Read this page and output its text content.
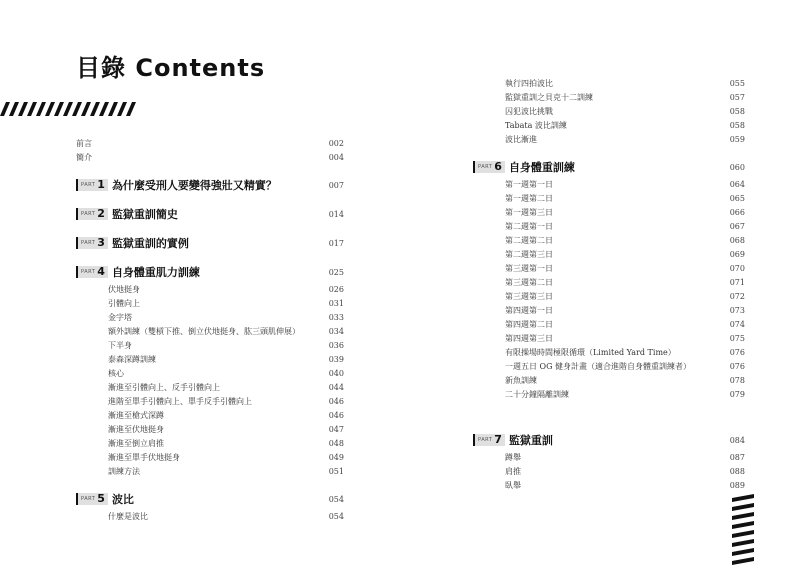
目錄 Contents
前言	002
簡介	004
PART 1 為什麼受刑人要變得強壯又精實？	007
PART 2 監獄重訓簡史	014
PART 3 監獄重訓的實例	017
PART 4 自身體重肌力訓練	025
伏地挺身	026
引體向上	031
金字塔	033
額外訓練（雙槓下推、倒立伏地挺身、肱三頭肌伸展）	034
下半身	036
泰森深蹲訓練	039
核心	040
漸進至引體向上、反手引體向上	044
進階至單手引體向上、單手反手引體向上	046
漸進至槍式深蹲	046
漸進至伏地挺身	047
漸進至倒立肩推	048
漸進至單手伏地挺身	049
訓練方法	051
PART 5 波比	054
什麼是波比	054
執行四拍波比	055
監獄重訓之貝克十二訓練	057
囚犯波比挑戰	058
Tabata 波比訓練	058
波比漸進	059
PART 6 自身體重訓練	060
第一週第一日	064
第一週第二日	065
第一週第三日	066
第二週第一日	067
第二週第二日	068
第二週第三日	069
第三週第一日	070
第三週第二日	071
第三週第三日	072
第四週第一日	073
第四週第二日	074
第四週第三日	075
有限操場時間極限循環（Limited Yard Time）	076
一週五日 OG 健身計畫（適合進階自身體重訓練者）	076
新魚訓練	078
二十分鐘隔離訓練	079
PART 7 監獄重訓	084
蹲舉	087
肩推	088
臥舉	089
